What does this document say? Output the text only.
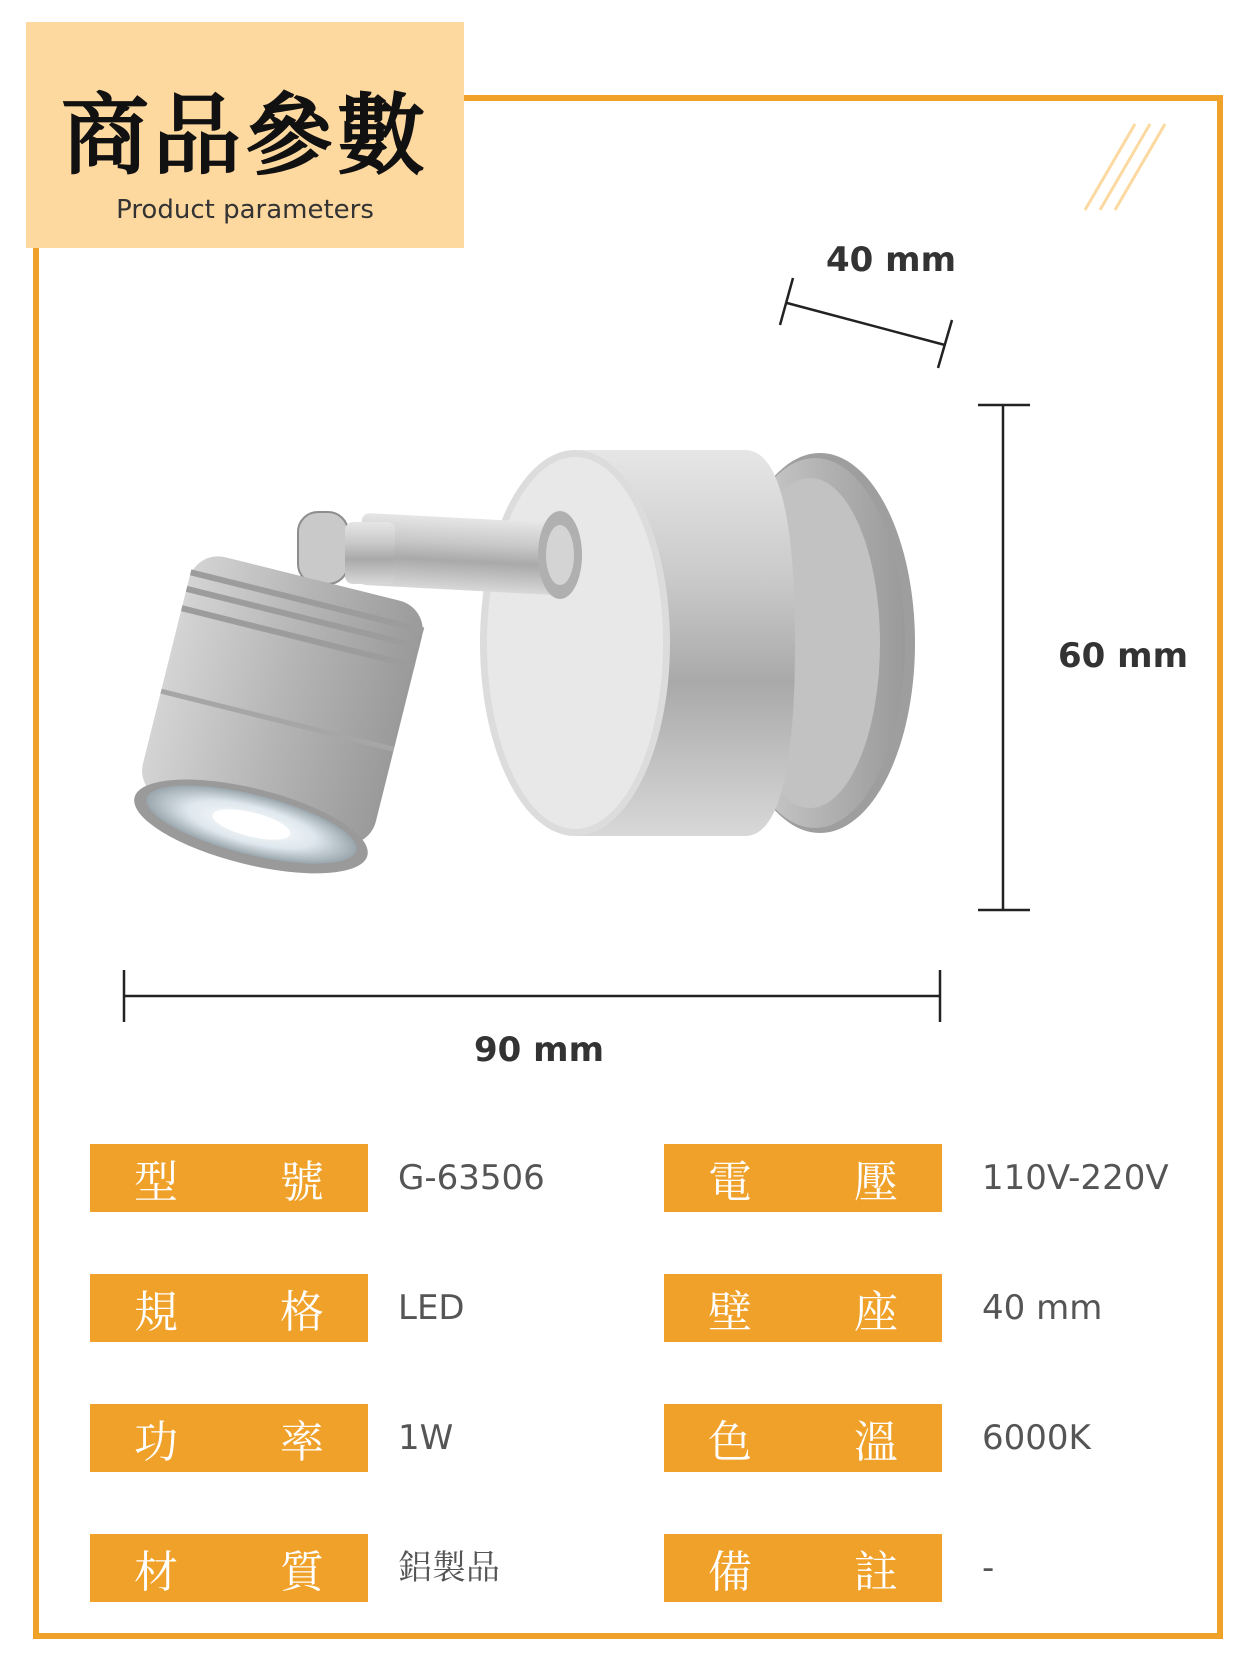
商品參數
Product parameters
40 mm
60 mm
90 mm
型 號 G-63506	電 壓 110V-220V
規 格 LED	壁 座 40 mm
功 率 1W	色 溫 6000K
材 質 鋁製品	備 註 -
